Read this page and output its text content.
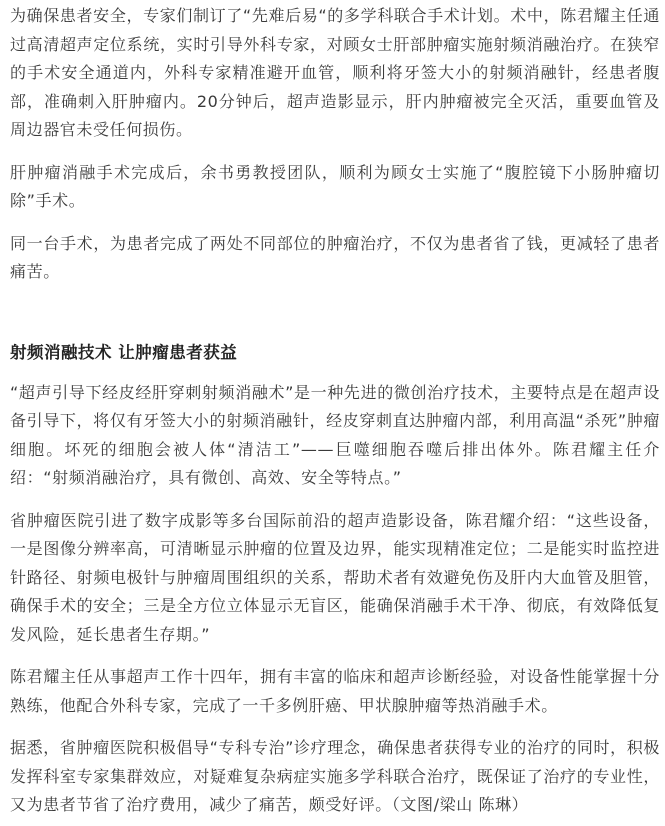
为确保患者安全，专家们制订了“先难后易“的多学科联合手术计划。术中，陈君耀主任通过高清超声定位系统，实时引导外科专家，对顾女士肝部肿瘤实施射频消融治疗。在狭窄的手术安全通道内，外科专家精准避开血管，顺利将牙签大小的射频消融针，经患者腹部，准确刺入肝肿瘤内。20分钟后，超声造影显示，肝内肿瘤被完全灭活，重要血管及周边器官未受任何损伤。

肝肿瘤消融手术完成后，余书勇教授团队，顺利为顾女士实施了“腹腔镜下小肠肿瘤切除”手术。

同一台手术，为患者完成了两处不同部位的肿瘤治疗，不仅为患者省了钱，更减轻了患者痛苦。

射频消融技术 让肿瘤患者获益

“超声引导下经皮经肝穿刺射频消融术”是一种先进的微创治疗技术，主要特点是在超声设备引导下，将仅有牙签大小的射频消融针，经皮穿刺直达肿瘤内部，利用高温“杀死”肿瘤细胞。坏死的细胞会被人体“清洁工”——巨噬细胞吞噬后排出体外。陈君耀主任介绍：“射频消融治疗，具有微创、高效、安全等特点。”

省肿瘤医院引进了数字成影等多台国际前沿的超声造影设备，陈君耀介绍：“这些设备，一是图像分辨率高，可清晰显示肿瘤的位置及边界，能实现精准定位；二是能实时监控进针路径、射频电极针与肿瘤周围组织的关系，帮助术者有效避免伤及肝内大血管及胆管，确保手术的安全；三是全方位立体显示无盲区，能确保消融手术干净、彻底，有效降低复发风险，延长患者生存期。”

陈君耀主任从事超声工作十四年，拥有丰富的临床和超声诊断经验，对设备性能掌握十分熟练，他配合外科专家，完成了一千多例肝癌、甲状腺肿瘤等热消融手术。

据悉，省肿瘤医院积极倡导“专科专治”诊疗理念，确保患者获得专业的治疗的同时，积极发挥科室专家集群效应，对疑难复杂病症实施多学科联合治疗，既保证了治疗的专业性，又为患者节省了治疗费用，减少了痛苦，颇受好评。（文图/梁山 陈琳）
